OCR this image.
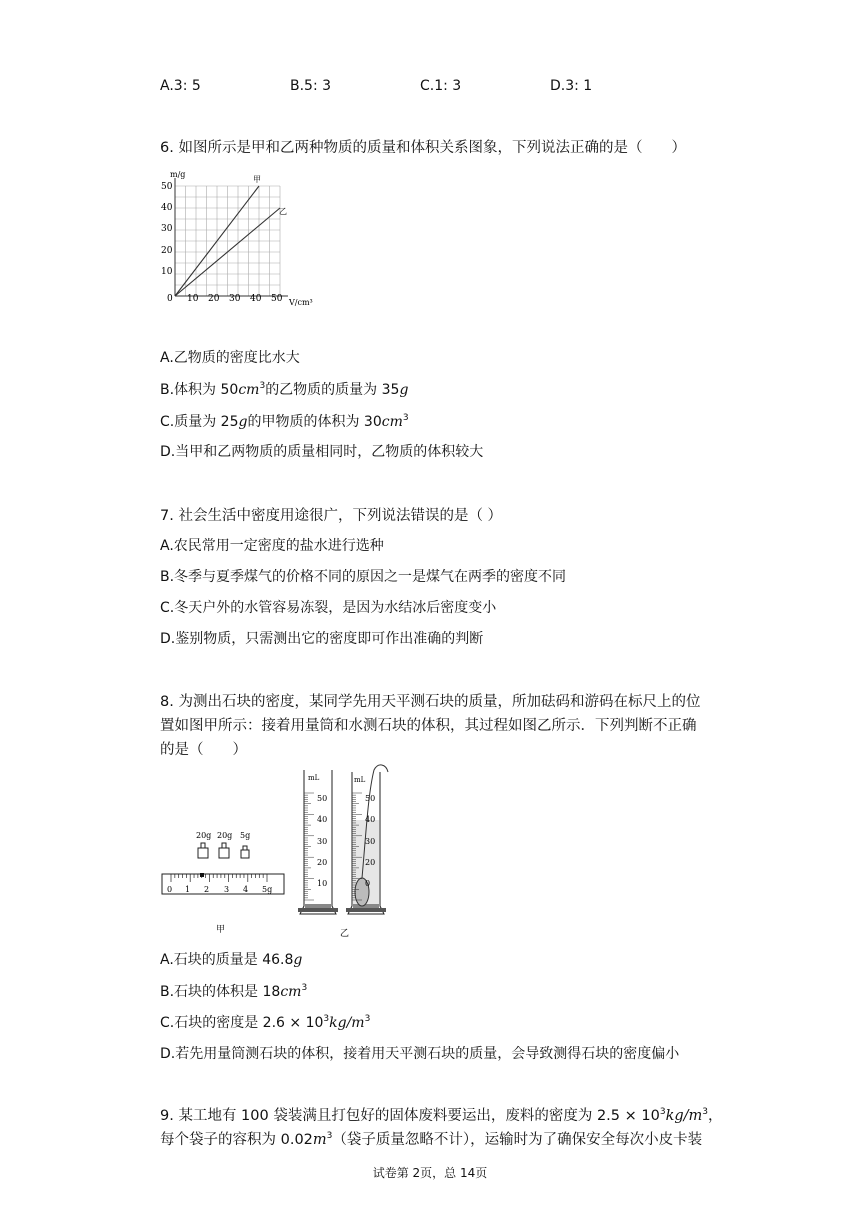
A.3: 5	B.5: 3	C.1: 3	D.3: 1
6. 如图所示是甲和乙两种物质的质量和体积关系图象，下列说法正确的是（　　）
m/g
V/cm³
50
40
30
20
10
0 10 20 30 40 50
甲
乙
A.乙物质的密度比水大
B.体积为 $50cm^3$的乙物质的质量为 35g
C.质量为 25g的甲物质的体积为 $30cm^3$
D.当甲和乙两物质的质量相同时，乙物质的体积较大
7. 社会生活中密度用途很广，下列说法错误的是（ ）
A.农民常用一定密度的盐水进行选种
B.冬季与夏季煤气的价格不同的原因之一是煤气在两季的密度不同
C.冬天户外的水管容易冻裂，是因为水结冰后密度变小
D.鉴别物质，只需测出它的密度即可作出准确的判断
8. 为测出石块的密度，某同学先用天平测石块的质量，所加砝码和游码在标尺上的位
置如图甲所示：接着用量筒和水测石块的体积，其过程如图乙所示．下列判断不正确
的是（　　）
20g 20g 5g
0 1 2 3 4 5g
甲
mL
50
40
30
20
10
mL
50
40
30
20
0
乙
A.石块的质量是 46.8g
B.石块的体积是 $18cm^3$
C.石块的密度是 $2.6 \times 10^3kg/m^3$
D.若先用量筒测石块的体积，接着用天平测石块的质量，会导致测得石块的密度偏小
9. 某工地有 100 袋装满且打包好的固体废料要运出，废料的密度为 $2.5 \times 10^3kg/m^3$，
每个袋子的容积为 $0.02m^3$（袋子质量忽略不计），运输时为了确保安全每次小皮卡装
试卷第 2页，总 14页
